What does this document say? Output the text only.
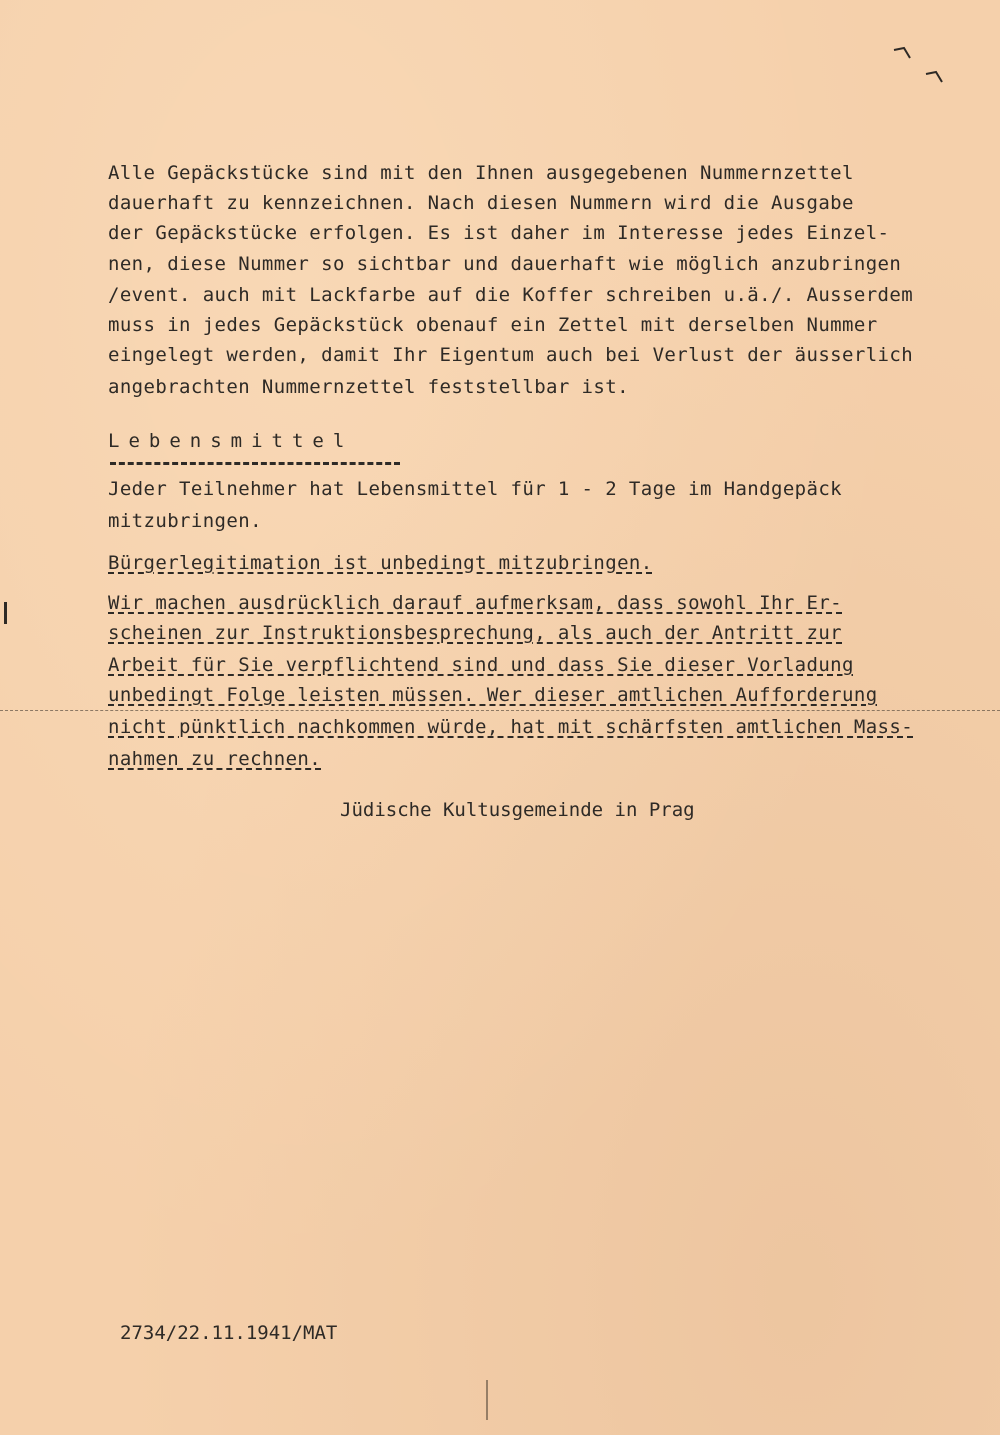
Alle Gepäckstücke sind mit den Ihnen ausgegebenen Nummernzettel
dauerhaft zu kennzeichnen. Nach diesen Nummern wird die Ausgabe
der Gepäckstücke erfolgen. Es ist daher im Interesse jedes Einzel-
nen, diese Nummer so sichtbar und dauerhaft wie möglich anzubringen
/event. auch mit Lackfarbe auf die Koffer schreiben u.ä./. Ausserdem
muss in jedes Gepäckstück obenauf ein Zettel mit derselben Nummer
eingelegt werden, damit Ihr Eigentum auch bei Verlust der äusserlich
angebrachten Nummernzettel feststellbar ist.
Lebensmittel
Jeder Teilnehmer hat Lebensmittel für 1 - 2 Tage im Handgepäck
mitzubringen.
Bürgerlegitimation ist unbedingt mitzubringen.
Wir machen ausdrücklich darauf aufmerksam, dass sowohl Ihr Er-
scheinen zur Instruktionsbesprechung, als auch der Antritt zur
Arbeit für Sie verpflichtend sind und dass Sie dieser Vorladung
unbedingt Folge leisten müssen. Wer dieser amtlichen Aufforderung
nicht pünktlich nachkommen würde, hat mit schärfsten amtlichen Mass-
nahmen zu rechnen.
Jüdische Kultusgemeinde in Prag
2734/22.11.1941/MAT
